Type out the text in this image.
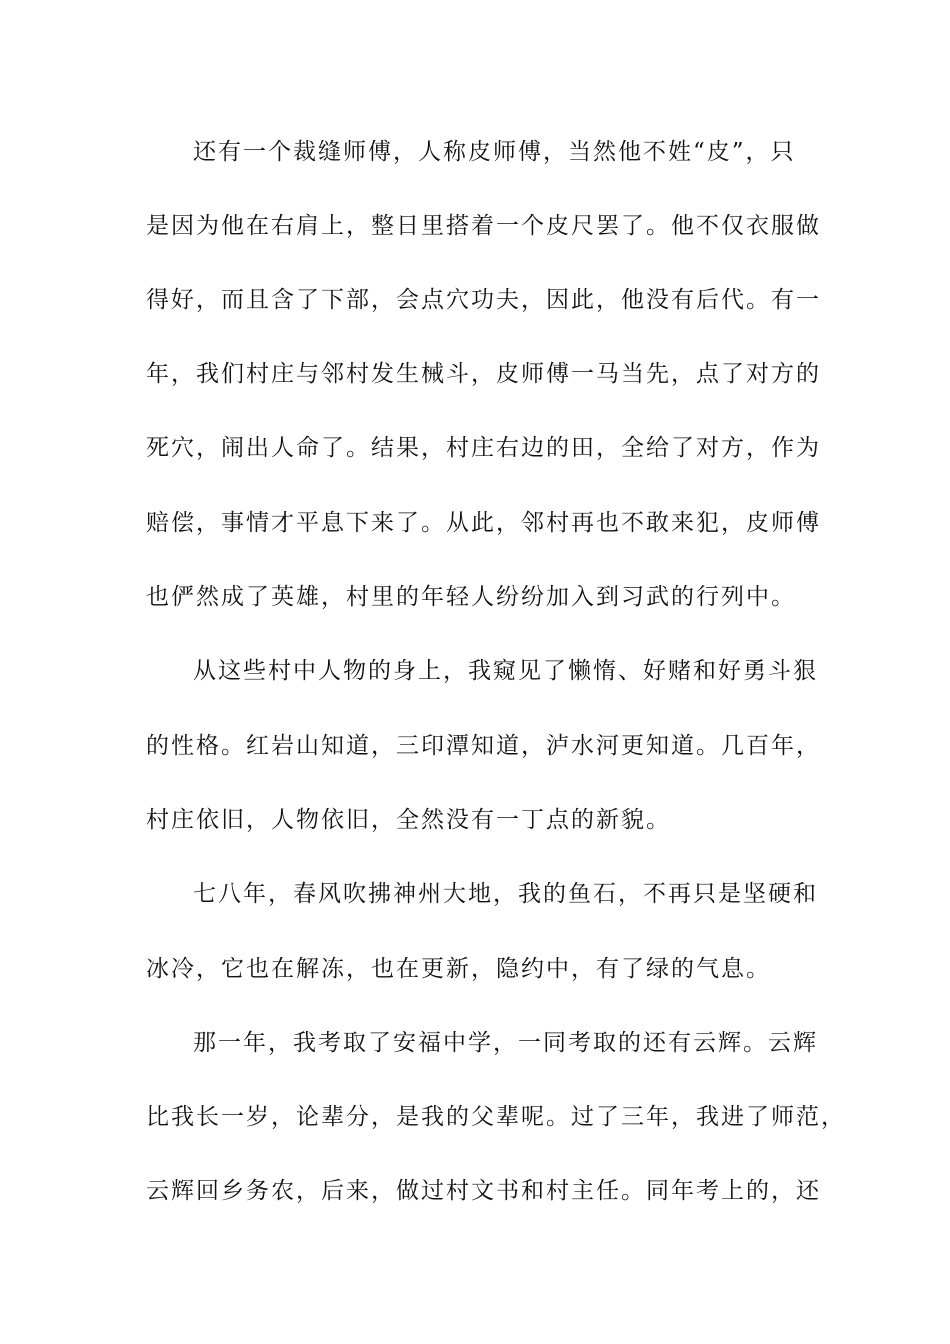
还有一个裁缝师傅，人称皮师傅，当然他不姓“皮”，只
是因为他在右肩上，整日里搭着一个皮尺罢了。他不仅衣服做
得好，而且含了下部，会点穴功夫，因此，他没有后代。有一
年，我们村庄与邻村发生械斗，皮师傅一马当先，点了对方的
死穴，闹出人命了。结果，村庄右边的田，全给了对方，作为
赔偿，事情才平息下来了。从此，邻村再也不敢来犯，皮师傅
也俨然成了英雄，村里的年轻人纷纷加入到习武的行列中。
从这些村中人物的身上，我窥见了懒惰、好赌和好勇斗狠
的性格。红岩山知道，三印潭知道，泸水河更知道。几百年，
村庄依旧，人物依旧，全然没有一丁点的新貌。
七八年，春风吹拂神州大地，我的鱼石，不再只是坚硬和
冰冷，它也在解冻，也在更新，隐约中，有了绿的气息。
那一年，我考取了安福中学，一同考取的还有云辉。云辉
比我长一岁，论辈分，是我的父辈呢。过了三年，我进了师范，
云辉回乡务农，后来，做过村文书和村主任。同年考上的，还
